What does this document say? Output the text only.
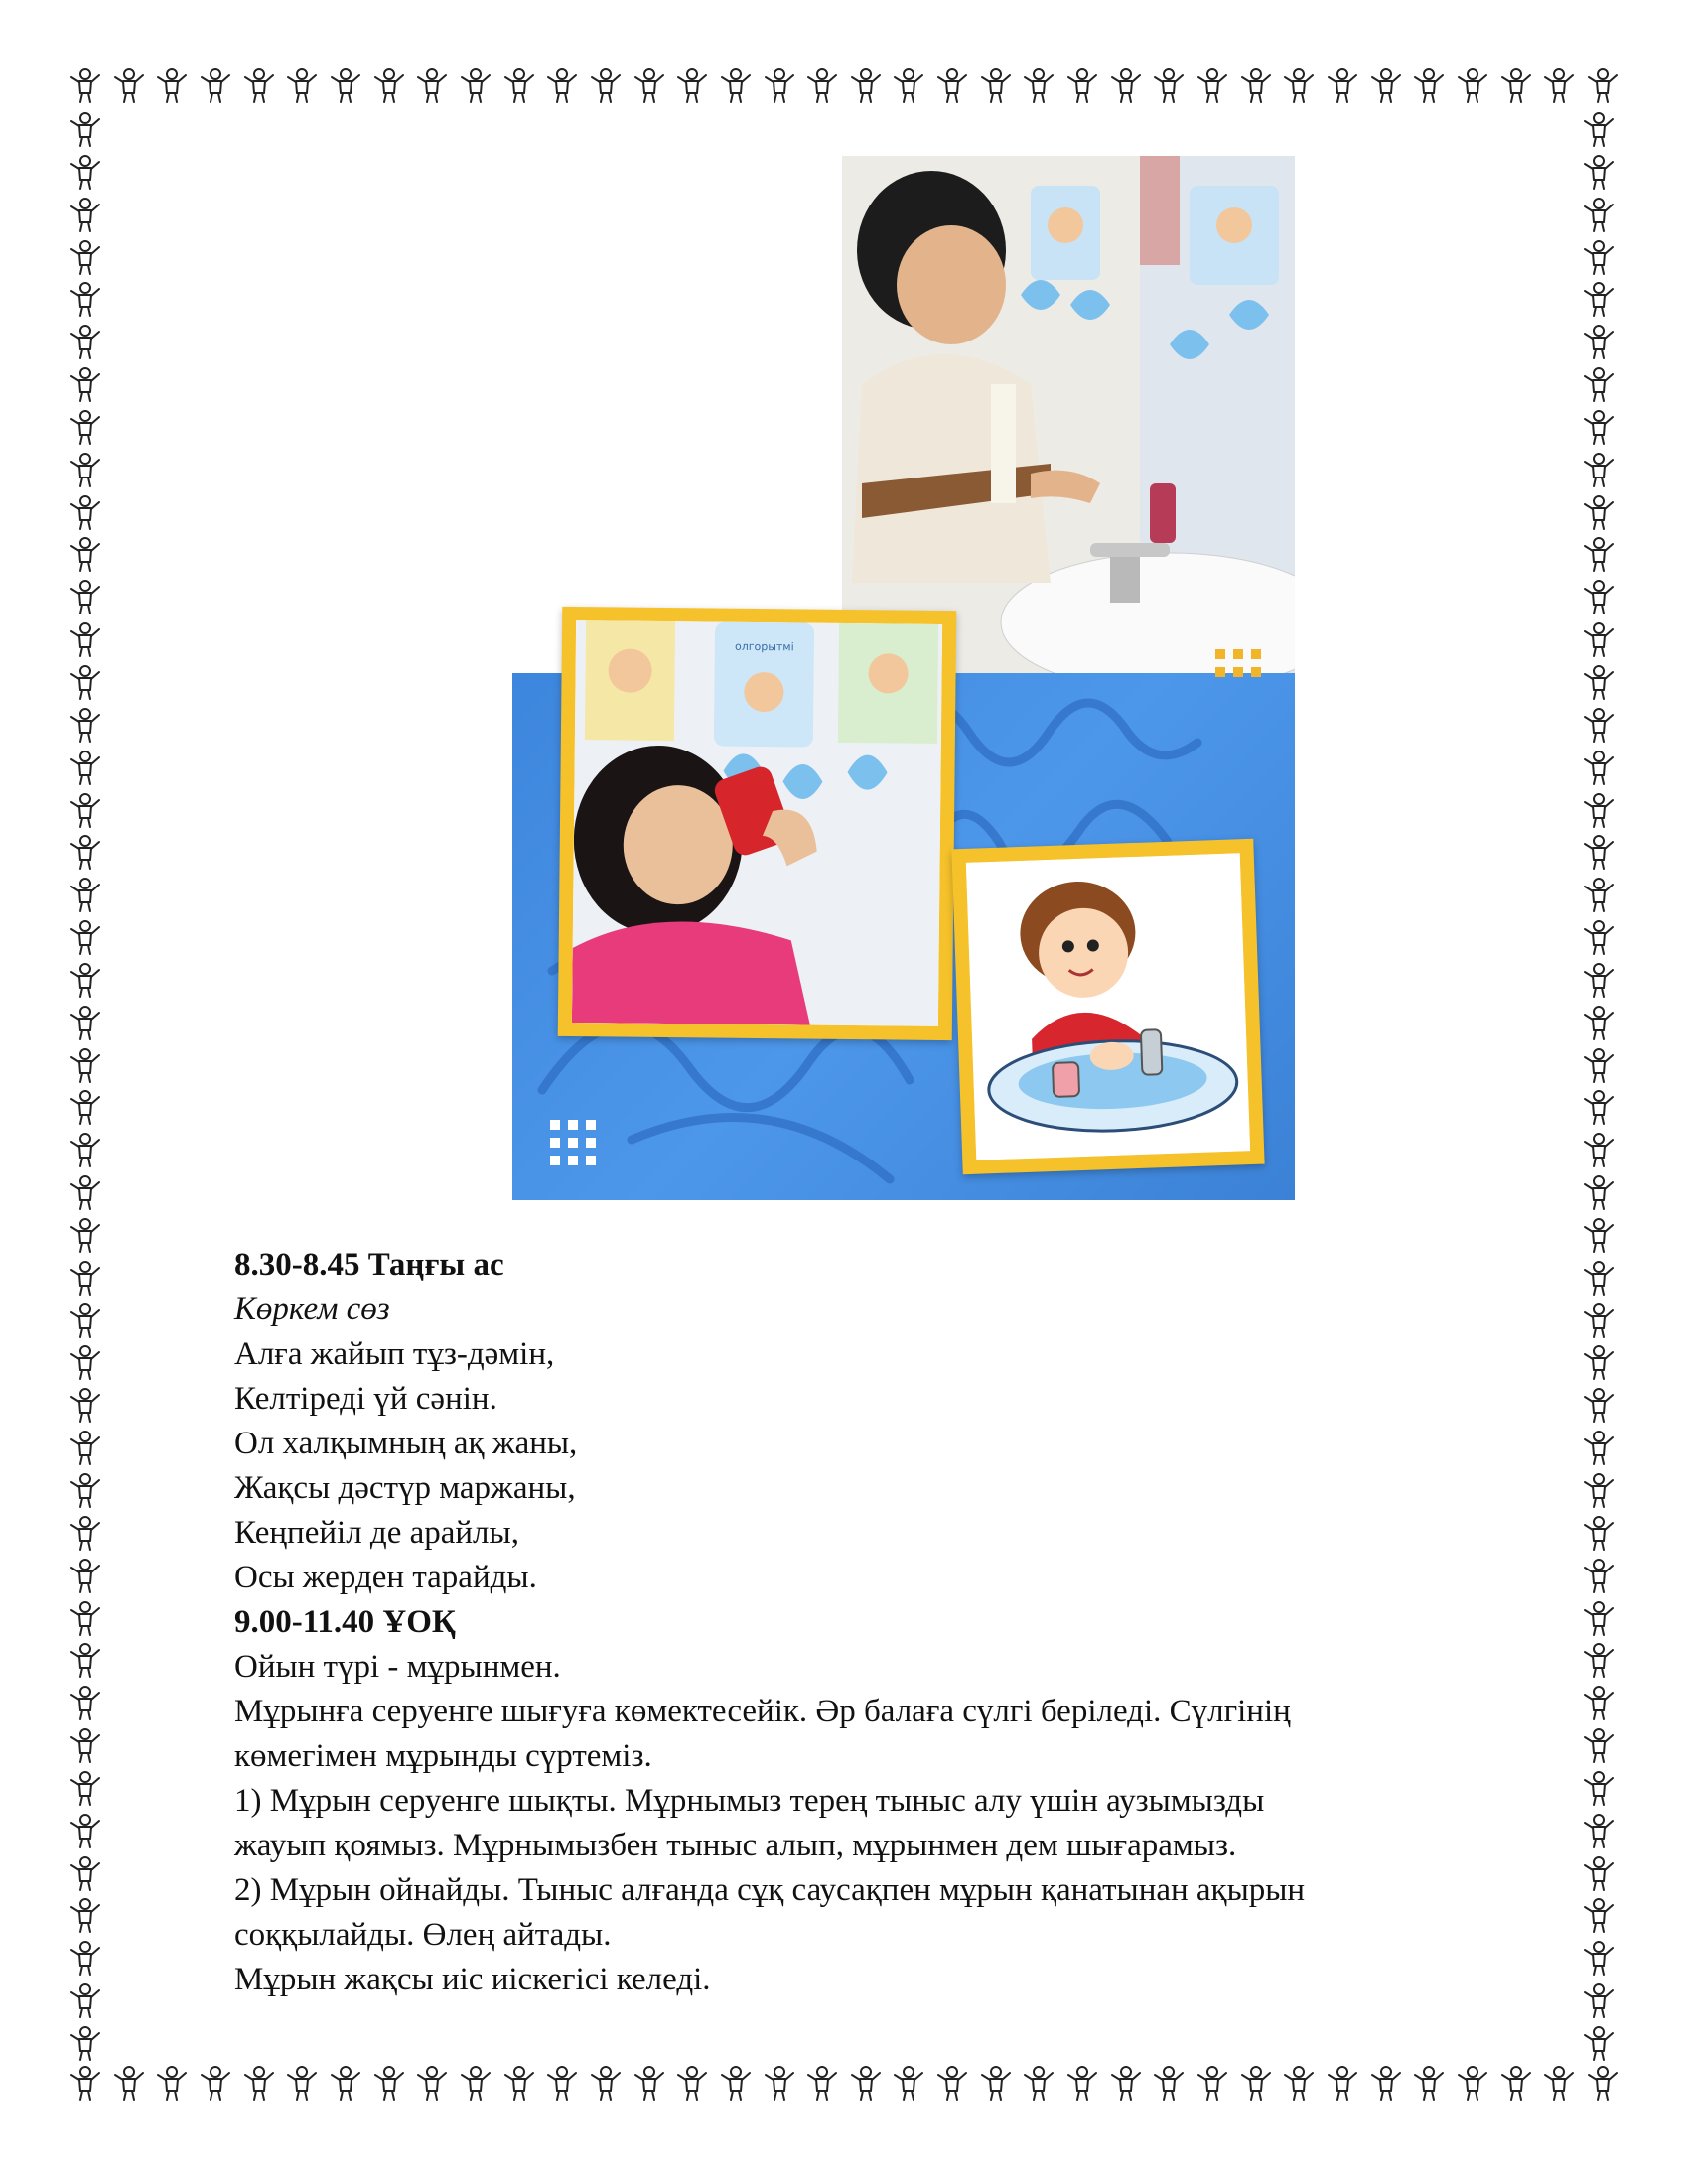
олгорытмі

8.30-8.45 Таңғы ас

Көркем сөз

Алға жайып тұз-дәмін,

Келтіреді үй сәнін.

Ол халқымның ақ жаны,

Жақсы дәстүр маржаны,

Кеңпейіл де арайлы,

Осы жерден тарайды.

9.00-11.40 ҰОҚ

Ойын түрі - мұрынмен.

Мұрынға серуенге шығуға көмектесейік. Әр балаға сүлгі беріледі. Сүлгінің

көмегімен мұрынды сүртеміз.

1) Мұрын серуенге шықты. Мұрнымыз терең тыныс алу үшін аузымызды

жауып қоямыз. Мұрнымызбен тыныс алып, мұрынмен дем шығарамыз.

2) Мұрын ойнайды. Тыныс алғанда сұқ саусақпен мұрын қанатынан ақырын

соққылайды. Өлең айтады.

Мұрын жақсы иіс иіскегісі келеді.
